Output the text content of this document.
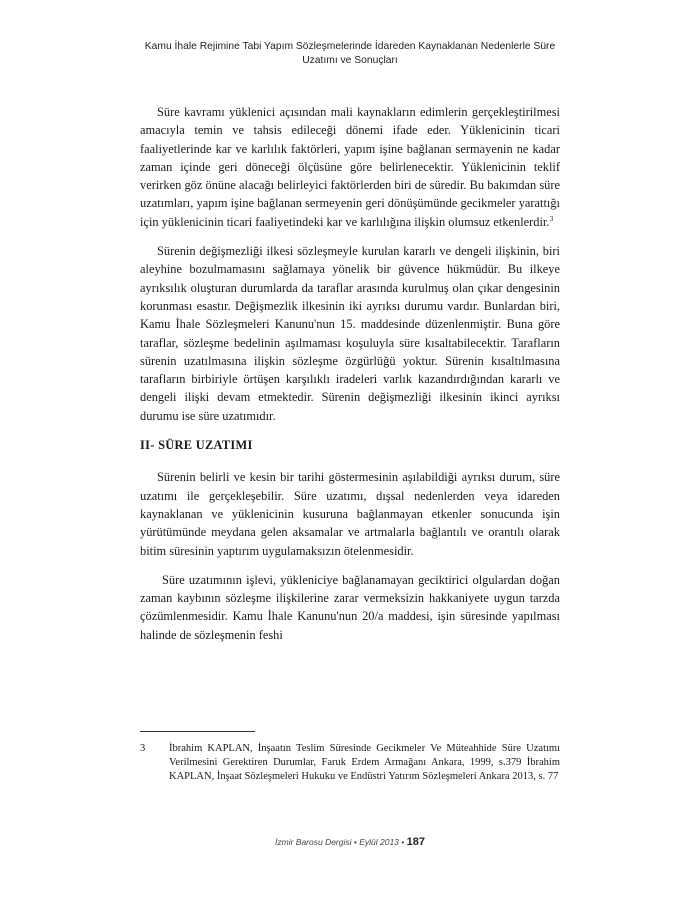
Kamu İhale Rejimine Tabi Yapım Sözleşmelerinde İdareden Kaynaklanan Nedenlerle Süre
Uzatımı ve Sonuçları

Süre kavramı yüklenici açısından mali kaynakların edimlerin gerçekleştirilmesi amacıyla temin ve tahsis edileceği dönemi ifade eder. Yüklenicinin ticari faaliyetlerinde kar ve karlılık faktörleri, yapım işine bağlanan sermayenin ne kadar zaman içinde geri döneceği ölçüsüne göre belirlenecektir. Yüklenicinin teklif verirken göz önüne alacağı belirleyici faktörlerden biri de süredir. Bu bakımdan süre uzatımları, yapım işine bağlanan sermeyenin geri dönüşümünde gecikmeler yarattığı için yüklenicinin ticari faaliyetindeki kar ve karlılığına ilişkin olumsuz etkenlerdir.$^3$

Sürenin değişmezliği ilkesi sözleşmeyle kurulan kararlı ve dengeli ilişkinin, biri aleyhine bozulmamasını sağlamaya yönelik bir güvence hükmüdür. Bu ilkeye ayrıksılık oluşturan durumlarda da taraflar arasında kurulmuş olan çıkar dengesinin korunması esastır. Değişmezlik ilkesinin iki ayrıksı durumu vardır. Bunlardan biri, Kamu İhale Sözleşmeleri Kanunu'nun 15. maddesinde düzenlenmiştir. Buna göre taraflar, sözleşme bedelinin aşılmaması koşuluyla süre kısaltabilecektir. Tarafların sürenin uzatılmasına ilişkin sözleşme özgürlüğü yoktur. Sürenin kısaltılmasına tarafların birbiriyle örtüşen karşılıklı iradeleri varlık kazandırdığından kararlı ve dengeli ilişki devam etmektedir. Sürenin değişmezliği ilkesinin ikinci ayrıksı durumu ise süre uzatımıdır.

II- SÜRE UZATIMI

Sürenin belirli ve kesin bir tarihi göstermesinin aşılabildiği ayrıksı durum, süre uzatımı ile gerçekleşebilir. Süre uzatımı, dışsal nedenlerden veya idareden kaynaklanan ve yüklenicinin kusuruna bağlanmayan etkenler sonucunda işin yürütümünde meydana gelen aksamalar ve artmalarla bağlantılı ve orantılı olarak bitim süresinin yaptırım uygulamaksızın ötelenmesidir.

Süre uzatımının işlevi, yükleniciye bağlanamayan geciktirici olgulardan doğan zaman kaybının sözleşme ilişkilerine zarar vermeksizin hakkaniyete uygun tarzda çözümlenmesidir. Kamu İhale Kanunu'nun 20/a maddesi, işin süresinde yapılması halinde de sözleşmenin feshi

3	İbrahim KAPLAN, İnşaatın Teslim Süresinde Gecikmeler Ve Müteahhide Süre Uzatımı Verilmesini Gerektiren Durumlar, Faruk Erdem Armağanı Ankara, 1999, s.379 İbrahim KAPLAN, İnşaat Sözleşmeleri Hukuku ve Endüstri Yatırım Sözleşmeleri Ankara 2013, s. 77
İzmir Barosu Dergisi • Eylül 2013 • 187
